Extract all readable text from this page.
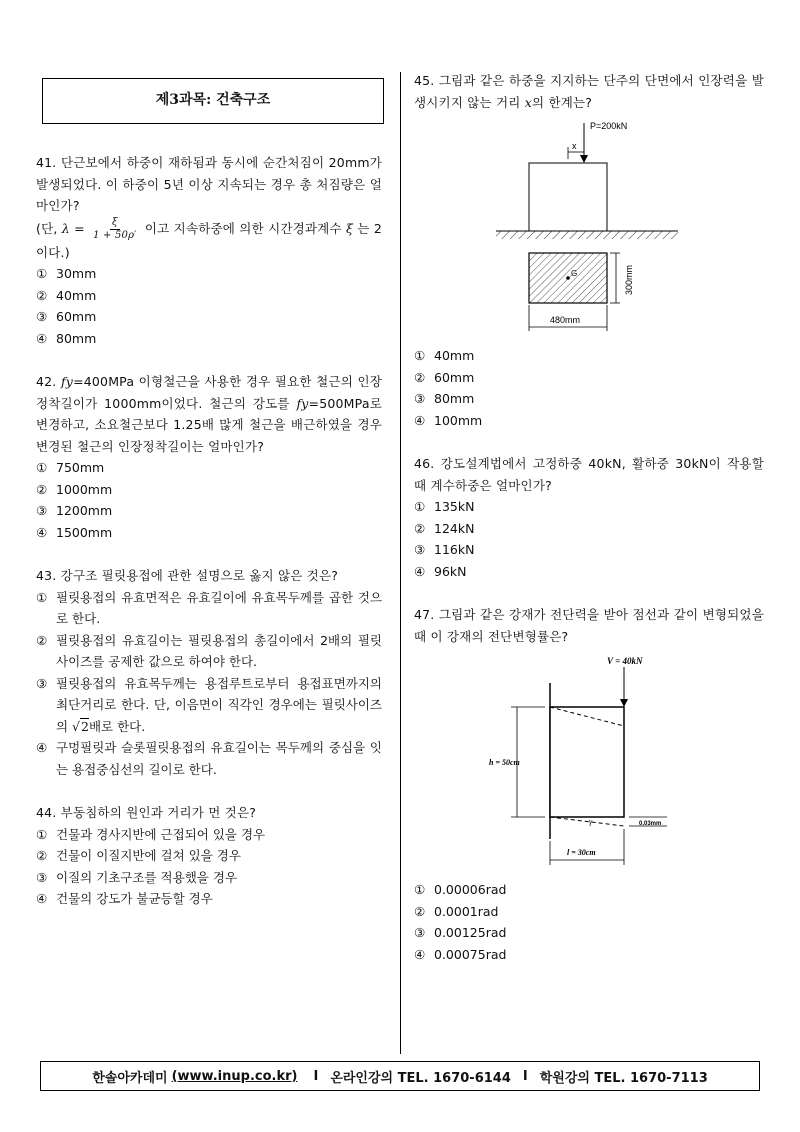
제3과목: 건축구조
41. 단근보에서 하중이 재하됨과 동시에 순간처짐이 20mm가 발생되었다. 이 하중이 5년 이상 지속되는 경우 총 처짐량은 얼마인가?
(단, $\lambda = \frac{\xi}{1 + 50\rho'}$ 이고 지속하중에 의한 시간경과계수 ξ 는 2이다.)
① 30mm
② 40mm
③ 60mm
④ 80mm
42. fy=400MPa 이형철근을 사용한 경우 필요한 철근의 인장정착길이가 1000mm이었다. 철근의 강도를 fy=500MPa로 변경하고, 소요철근보다 1.25배 많게 철근을 배근하였을 경우 변경된 철근의 인장정착길이는 얼마인가?
① 750mm
② 1000mm
③ 1200mm
④ 1500mm
43. 강구조 필릿용접에 관한 설명으로 옳지 않은 것은?
① 필릿용접의 유효면적은 유효길이에 유효목두께를 곱한 것으로 한다.
② 필릿용접의 유효길이는 필릿용접의 총길이에서 2배의 필릿사이즈를 공제한 값으로 하여야 한다.
③ 필릿용접의 유효목두께는 용접루트로부터 용접표면까지의 최단거리로 한다. 단, 이음면이 직각인 경우에는 필릿사이즈의 √2배로 한다.
④ 구멍필릿과 슬롯필릿용접의 유효길이는 목두께의 중심을 잇는 용접중심선의 길이로 한다.
44. 부동침하의 원인과 거리가 먼 것은?
① 건물과 경사지반에 근접되어 있을 경우
② 건물이 이질지반에 걸쳐 있을 경우
③ 이질의 기초구조를 적용했을 경우
④ 건물의 강도가 불균등할 경우
45. 그림과 같은 하중을 지지하는 단주의 단면에서 인장력을 발생시키지 않는 거리 x의 한계는?
P=200kN
x
G	300mm
480mm
① 40mm
② 60mm
③ 80mm
④ 100mm
46. 강도설계법에서 고정하중 40kN, 활하중 30kN이 작용할 때 계수하중은 얼마인가?
① 135kN
② 124kN
③ 116kN
④ 96kN
47. 그림과 같은 강재가 전단력을 받아 점선과 같이 변형되었을 때 이 강재의 전단변형률은?
V = 40kN
γ
h = 50cm
0.03mm
l = 30cm
① 0.00006rad
② 0.0001rad
③ 0.00125rad
④ 0.00075rad
한솔아카데미 (www.inup.co.kr) I 온라인강의 TEL. 1670-6144 I 학원강의 TEL. 1670-7113
